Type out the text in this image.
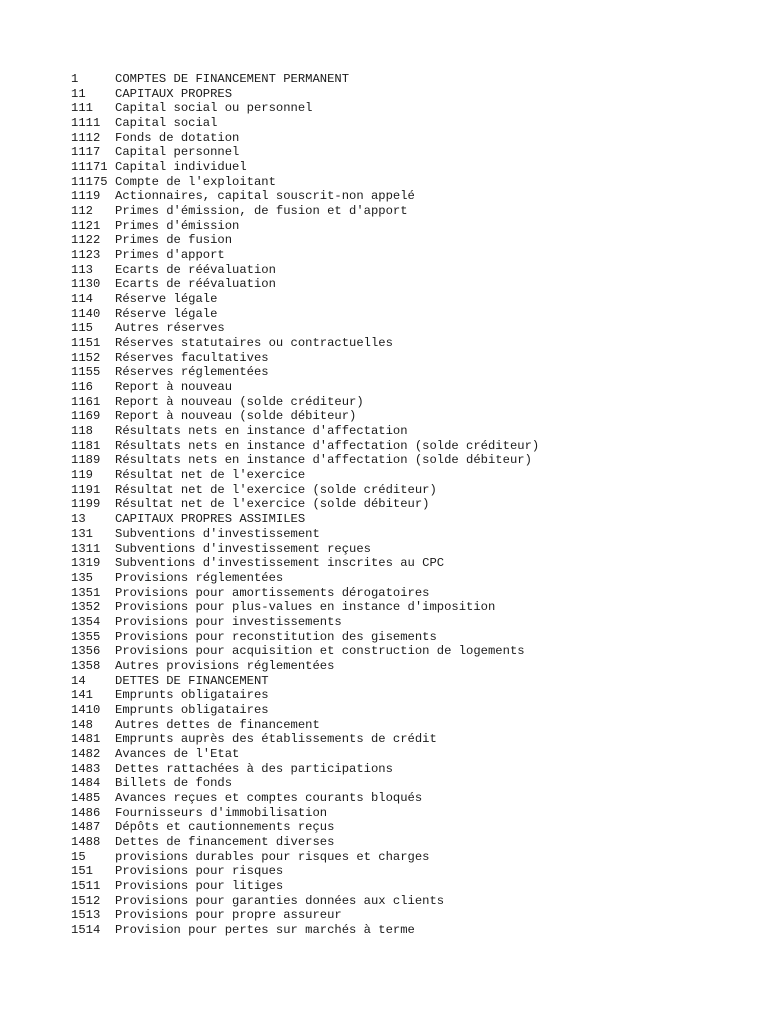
1	COMPTES DE FINANCEMENT PERMANENT
11	CAPITAUX PROPRES
111	Capital social ou personnel
1111	Capital social
1112	Fonds de dotation
1117	Capital personnel
11171 Capital individuel
11175 Compte de l'exploitant
1119	Actionnaires, capital souscrit-non appelé
112	Primes d'émission, de fusion et d'apport
1121	Primes d'émission
1122	Primes de fusion
1123	Primes d'apport
113	Ecarts de réévaluation
1130	Ecarts de réévaluation
114	Réserve légale
1140	Réserve légale
115	Autres réserves
1151	Réserves statutaires ou contractuelles
1152	Réserves facultatives
1155	Réserves réglementées
116	Report à nouveau
1161	Report à nouveau (solde créditeur)
1169	Report à nouveau (solde débiteur)
118	Résultats nets en instance d'affectation
1181	Résultats nets en instance d'affectation (solde créditeur)
1189	Résultats nets en instance d'affectation (solde débiteur)
119	Résultat net de l'exercice
1191	Résultat net de l'exercice (solde créditeur)
1199	Résultat net de l'exercice (solde débiteur)
13	CAPITAUX PROPRES ASSIMILES
131	Subventions d'investissement
1311	Subventions d'investissement reçues
1319	Subventions d'investissement inscrites au CPC
135	Provisions réglementées
1351	Provisions pour amortissements dérogatoires
1352	Provisions pour plus-values en instance d'imposition
1354	Provisions pour investissements
1355	Provisions pour reconstitution des gisements
1356	Provisions pour acquisition et construction de logements
1358	Autres provisions réglementées
14	DETTES DE FINANCEMENT
141	Emprunts obligataires
1410	Emprunts obligataires
148	Autres dettes de financement
1481	Emprunts auprès des établissements de crédit
1482	Avances de l'Etat
1483	Dettes rattachées à des participations
1484	Billets de fonds
1485	Avances reçues et comptes courants bloqués
1486	Fournisseurs d'immobilisation
1487	Dépôts et cautionnements reçus
1488	Dettes de financement diverses
15	provisions durables pour risques et charges
151	Provisions pour risques
1511	Provisions pour litiges
1512	Provisions pour garanties données aux clients
1513	Provisions pour propre assureur
1514	Provision pour pertes sur marchés à terme
